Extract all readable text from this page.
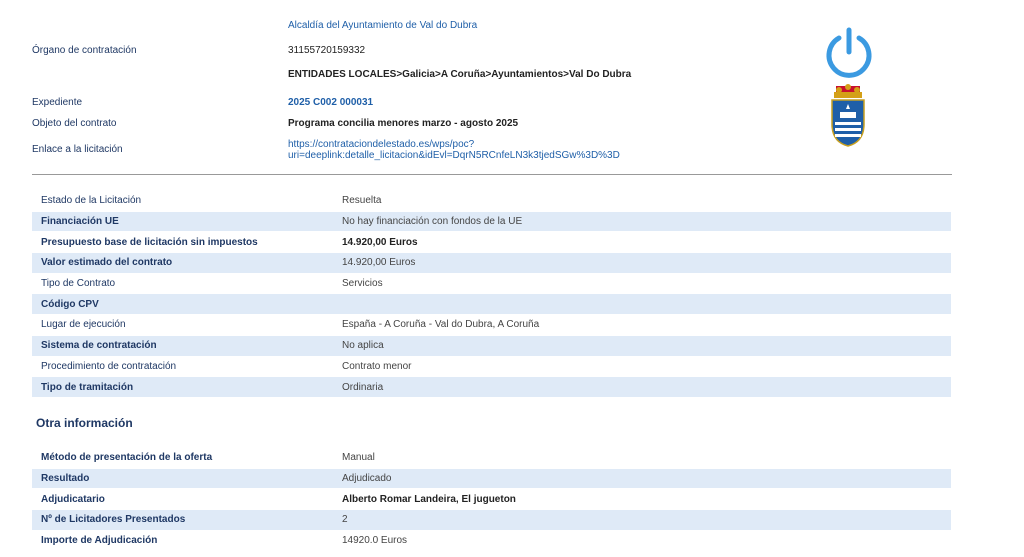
Alcaldía del Ayuntamiento de Val do Dubra
Órgano de contratación	31155720159332
ENTIDADES LOCALES>Galicia>A Coruña>Ayuntamientos>Val Do Dubra
Expediente	2025 C002 000031
Objeto del contrato	Programa concilia menores marzo - agosto 2025
Enlace a la licitación	https://contrataciondelestado.es/wps/poc?
uri=deeplink:detalle_licitacion&idEvl=DqrN5RCnfeLN3k3tjedSGw%3D%3D
Estado de la Licitación	Resuelta
Financiación UE	No hay financiación con fondos de la UE
Presupuesto base de licitación sin impuestos	14.920,00 Euros
Valor estimado del contrato	14.920,00 Euros
Tipo de Contrato	Servicios
Código CPV
Lugar de ejecución	España - A Coruña - Val do Dubra, A Coruña
Sistema de contratación	No aplica
Procedimiento de contratación	Contrato menor
Tipo de tramitación	Ordinaria
Otra información
Método de presentación de la oferta	Manual
Resultado	Adjudicado
Adjudicatario	Alberto Romar Landeira, El jugueton
Nº de Licitadores Presentados	2
Importe de Adjudicación	14920.0 Euros
